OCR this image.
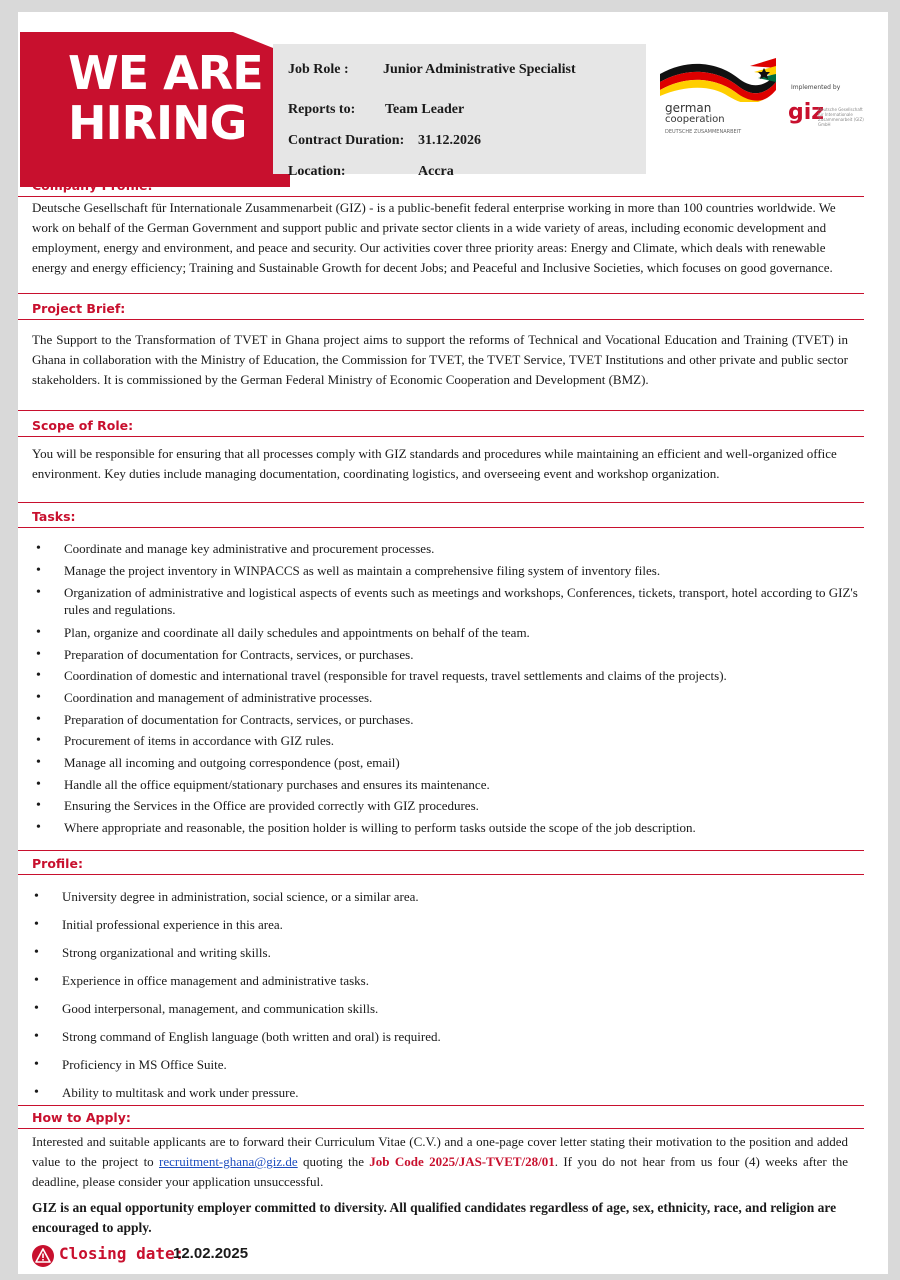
WE ARE
HIRING
Job Role : Junior Administrative Specialist
Reports to: Team Leader
Contract Duration: 31.12.2026
Location:	Accra
german
cooperation
DEUTSCHE ZUSAMMENARBEIT
Implemented by
giz
Deutsche Gesellschaft für Internationale Zusammenarbeit (GIZ) GmbH
Company Profile:

Deutsche Gesellschaft für Internationale Zusammenarbeit (GIZ) - is a public-benefit federal enterprise working in more than 100 countries worldwide. We work on behalf of the German Government and support public and private sector clients in a wide variety of areas, including economic development and employment, energy and environment, and peace and security. Our activities cover three priority areas: Energy and Climate, which deals with renewable energy and energy efficiency; Training and Sustainable Growth for decent Jobs; and Peaceful and Inclusive Societies, which focuses on good governance.

Project Brief:

The Support to the Transformation of TVET in Ghana project aims to support the reforms of Technical and Vocational Education and Training (TVET) in Ghana in collaboration with the Ministry of Education, the Commission for TVET, the TVET Service, TVET Institutions and other private and public sector stakeholders. It is commissioned by the German Federal Ministry of Economic Cooperation and Development (BMZ).

Scope of Role:

You will be responsible for ensuring that all processes comply with GIZ standards and procedures while maintaining an efficient and well-organized office environment. Key duties include managing documentation, coordinating logistics, and overseeing event and workshop organization.

Tasks:
• Coordinate and manage key administrative and procurement processes.
• Manage the project inventory in WINPACCS as well as maintain a comprehensive filing system of inventory files.
• Organization of administrative and logistical aspects of events such as meetings and workshops, Conferences, tickets, transport, hotel according to GIZ's rules and regulations.
• Plan, organize and coordinate all daily schedules and appointments on behalf of the team.
• Preparation of documentation for Contracts, services, or purchases.
• Coordination of domestic and international travel (responsible for travel requests, travel settlements and claims of the projects).
• Coordination and management of administrative processes.
• Preparation of documentation for Contracts, services, or purchases.
• Procurement of items in accordance with GIZ rules.
• Manage all incoming and outgoing correspondence (post, email)
• Handle all the office equipment/stationary purchases and ensures its maintenance.
• Ensuring the Services in the Office are provided correctly with GIZ procedures.
• Where appropriate and reasonable, the position holder is willing to perform tasks outside the scope of the job description.
Profile:
• University degree in administration, social science, or a similar area.
• Initial professional experience in this area.
• Strong organizational and writing skills.
• Experience in office management and administrative tasks.
• Good interpersonal, management, and communication skills.
• Strong command of English language (both written and oral) is required.
• Proficiency in MS Office Suite.
• Ability to multitask and work under pressure.
How to Apply:

Interested and suitable applicants are to forward their Curriculum Vitae (C.V.) and a one-page cover letter stating their motivation to the position and added value to the project to recruitment-ghana@giz.de quoting the Job Code 2025/JAS-TVET/28/01. If you do not hear from us four (4) weeks after the deadline, please consider your application unsuccessful.

GIZ is an equal opportunity employer committed to diversity. All qualified candidates regardless of age, sex, ethnicity, race, and religion are encouraged to apply.

Closing date:
12.02.2025
